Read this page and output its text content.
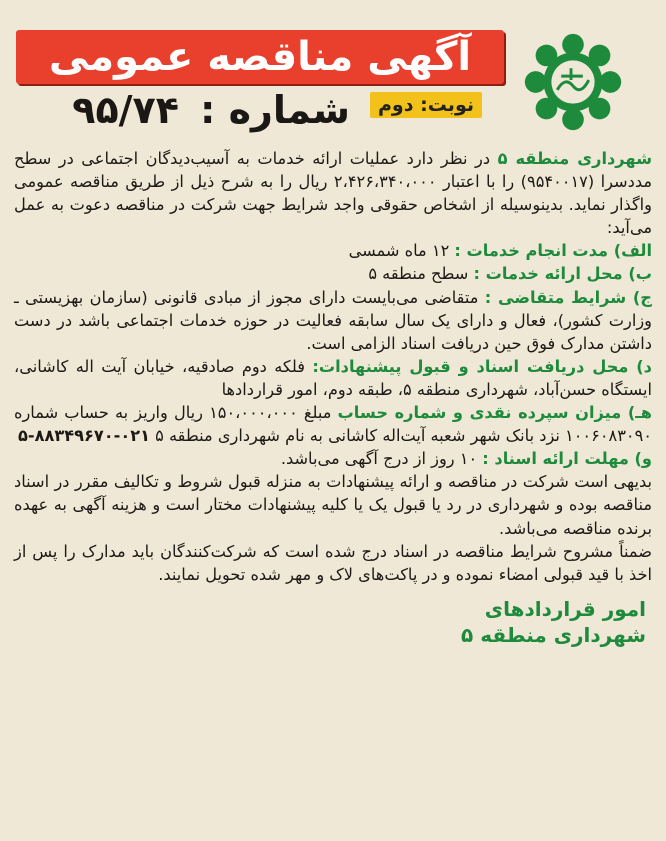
آگهی مناقصه عمومی
نوبت: دوم
شماره : ۹۵/۷۴

شهرداری منطقه ۵ در نظر دارد عملیات ارائه خدمات به آسیب‌دیدگان اجتماعی در سطح مددسرا (۹۵۴۰۰۱۷) را با اعتبار ۲،۴۲۶،۳۴۰،۰۰۰ ریال را به شرح ذیل از طریق مناقصه عمومی واگذار نماید. بدینوسیله از اشخاص حقوقی واجد شرایط جهت شرکت در مناقصه دعوت به عمل می‌آید:

الف) مدت انجام خدمات : ۱۲ ماه شمسی

ب) محل ارائه خدمات : سطح منطقه ۵

ج) شرایط متقاضی : متقاضی می‌بایست دارای مجوز از مبادی قانونی (سازمان بهزیستی ـ وزارت کشور)، فعال و دارای یک سال سابقه فعالیت در حوزه خدمات اجتماعی باشد در دست داشتن مدارک فوق حین دریافت اسناد الزامی است.

د) محل دریافت اسناد و قبول پیشنهادات: فلکه دوم صادقیه، خیابان آیت اله کاشانی، ایستگاه حسن‌آباد، شهرداری منطقه ۵، طبقه دوم، امور قراردادها

هـ) میزان سپرده نقدی و شماره حساب مبلغ ۱۵۰،۰۰۰،۰۰۰ ریال واریز به حساب شماره ۱۰۰۶۰۸۳۰۹۰ نزد بانک شهر شعبه آیت‌اله کاشانی به نام شهرداری منطقه ۵ ۰۲۱-۸۸۳۴۹۶۷۰-۵

و) مهلت ارائه اسناد : ۱۰ روز از درج آگهی می‌باشد.

بدیهی است شرکت در مناقصه و ارائه پیشنهادات به منزله قبول شروط و تکالیف مقرر در اسناد مناقصه بوده و شهرداری در رد یا قبول یک یا کلیه پیشنهادات مختار است و هزینه آگهی به عهده برنده مناقصه می‌باشد.

ضمناً مشروح شرایط مناقصه در اسناد درج شده است که شرکت‌کنندگان باید مدارک را پس از اخذ با قید قبولی امضاء نموده و در پاکت‌های لاک و مهر شده تحویل نمایند.

امور قراردادهای
شهرداری منطقه ۵
